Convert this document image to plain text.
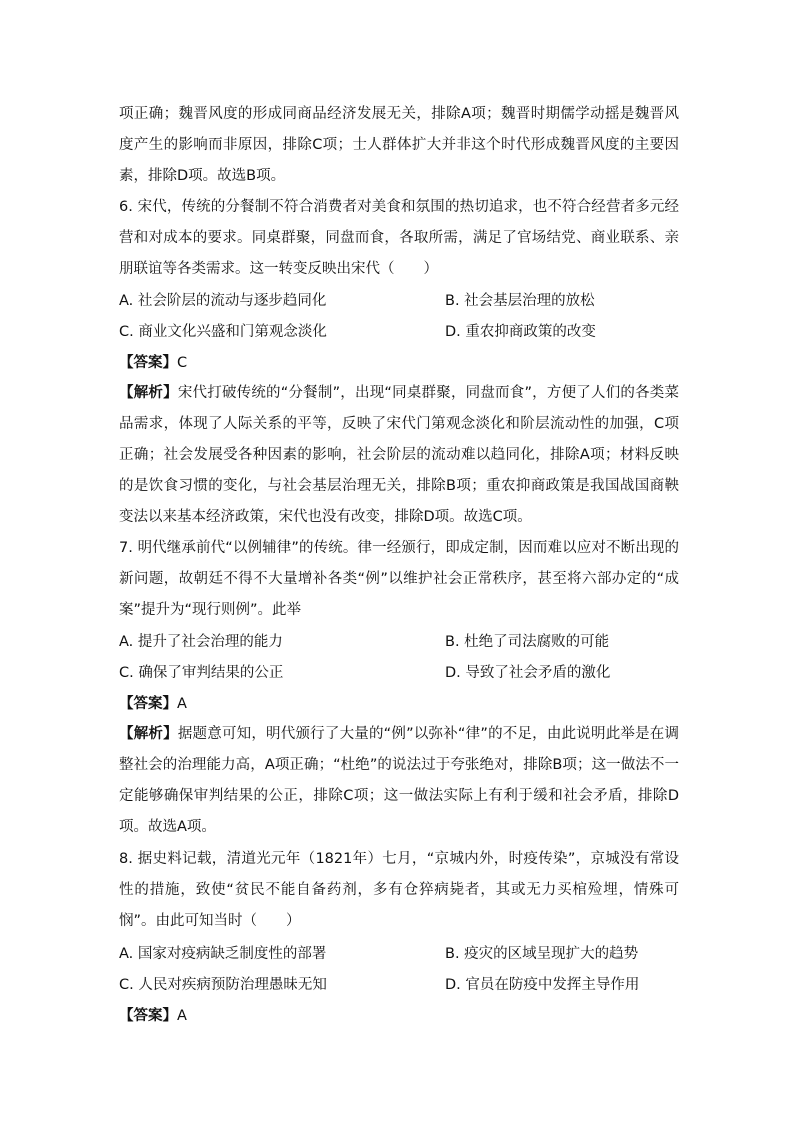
项正确；魏晋风度的形成同商品经济发展无关，排除A项；魏晋时期儒学动摇是魏晋风度产生的影响而非原因，排除C项；士人群体扩大并非这个时代形成魏晋风度的主要因素，排除D项。故选B项。
6. 宋代，传统的分餐制不符合消费者对美食和氛围的热切追求，也不符合经营者多元经营和对成本的要求。同桌群聚，同盘而食，各取所需，满足了官场结党、商业联系、亲朋联谊等各类需求。这一转变反映出宋代（　　）
A. 社会阶层的流动与逐步趋同化	B. 社会基层治理的放松
C. 商业文化兴盛和门第观念淡化	D. 重农抑商政策的改变
【答案】C
【解析】宋代打破传统的“分餐制”，出现“同桌群聚，同盘而食”，方便了人们的各类菜品需求，体现了人际关系的平等，反映了宋代门第观念淡化和阶层流动性的加强，C项正确；社会发展受各种因素的影响，社会阶层的流动难以趋同化，排除A项；材料反映的是饮食习惯的变化，与社会基层治理无关，排除B项；重农抑商政策是我国战国商鞅变法以来基本经济政策，宋代也没有改变，排除D项。故选C项。
7. 明代继承前代“以例辅律”的传统。律一经颁行，即成定制，因而难以应对不断出现的新问题，故朝廷不得不大量增补各类“例”以维护社会正常秩序，甚至将六部办定的“成案”提升为“现行则例”。此举
A. 提升了社会治理的能力	B. 杜绝了司法腐败的可能
C. 确保了审判结果的公正	D. 导致了社会矛盾的激化
【答案】A
【解析】据题意可知，明代颁行了大量的“例”以弥补“律”的不足，由此说明此举是在调整社会的治理能力高，A项正确；“杜绝”的说法过于夸张绝对，排除B项；这一做法不一定能够确保审判结果的公正，排除C项；这一做法实际上有利于缓和社会矛盾，排除D项。故选A项。
8. 据史料记载，清道光元年（1821年）七月，“京城内外，时疫传染”，京城没有常设性的措施，致使“贫民不能自备药剂，多有仓猝病毙者，其或无力买棺殓埋，情殊可悯”。由此可知当时（　　）
A. 国家对疫病缺乏制度性的部署	B. 疫灾的区域呈现扩大的趋势
C. 人民对疾病预防治理愚昧无知	D. 官员在防疫中发挥主导作用
【答案】A
